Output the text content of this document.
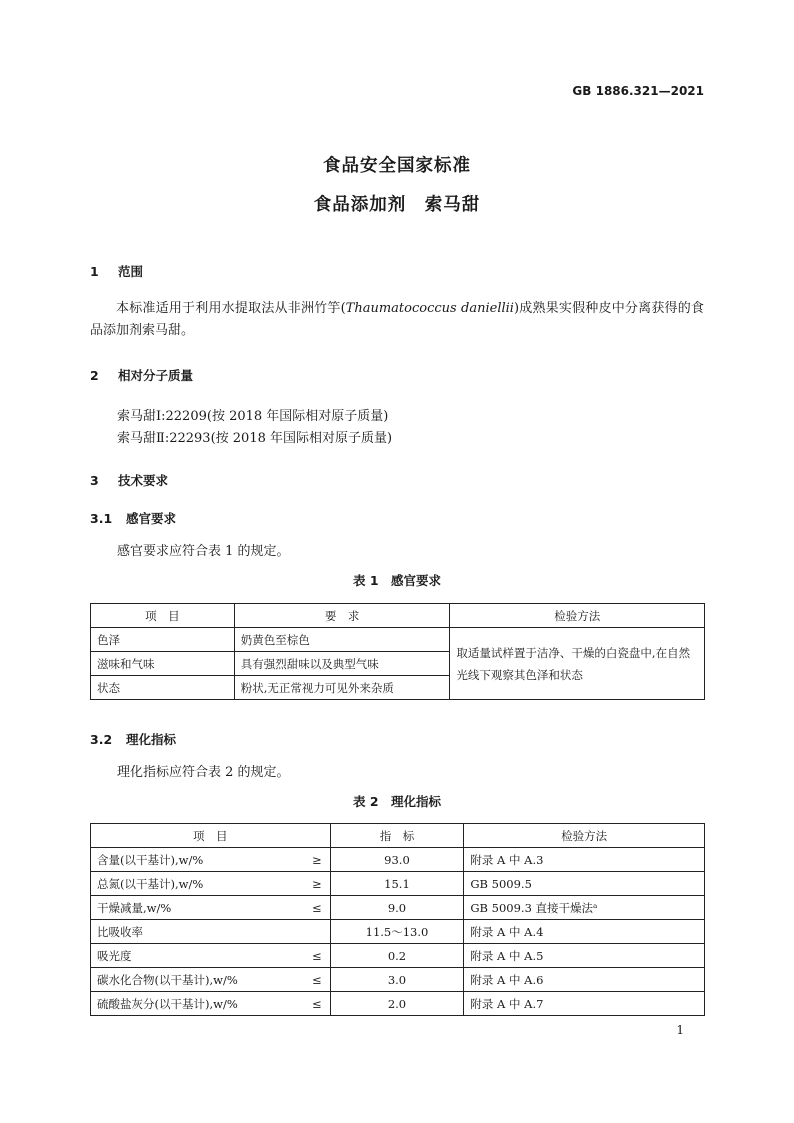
GB 1886.321—2021
食品安全国家标准
食品添加剂　索马甜
1 范围
本标准适用于利用水提取法从非洲竹竽(Thaumatococcus daniellii)成熟果实假种皮中分离获得的食品添加剂索马甜。
2 相对分子质量
索马甜Ⅰ:22209(按 2018 年国际相对原子质量)
索马甜Ⅱ:22293(按 2018 年国际相对原子质量)
3 技术要求
3.1 感官要求
感官要求应符合表 1 的规定。
表 1　感官要求
项　目	要　求	检验方法
色泽	奶黄色至棕色	取适量试样置于洁净、干燥的白瓷盘中,在自然光线下观察其色泽和状态
滋味和气味	具有强烈甜味以及典型气味	
状态	粉状,无正常视力可见外来杂质	
3.2 理化指标
理化指标应符合表 2 的规定。
表 2　理化指标
项　目	指　标	检验方法
含量(以干基计),w/% ≥	93.0	附录 A 中 A.3
总氮(以干基计),w/% ≥	15.1	GB 5009.5
干燥减量,w/% ≤	9.0	GB 5009.3 直接干燥法ᵃ
比吸收率	11.5～13.0	附录 A 中 A.4
吸光度 ≤	0.2	附录 A 中 A.5
碳水化合物(以干基计),w/% ≤	3.0	附录 A 中 A.6
硫酸盐灰分(以干基计),w/% ≤	2.0	附录 A 中 A.7
1
